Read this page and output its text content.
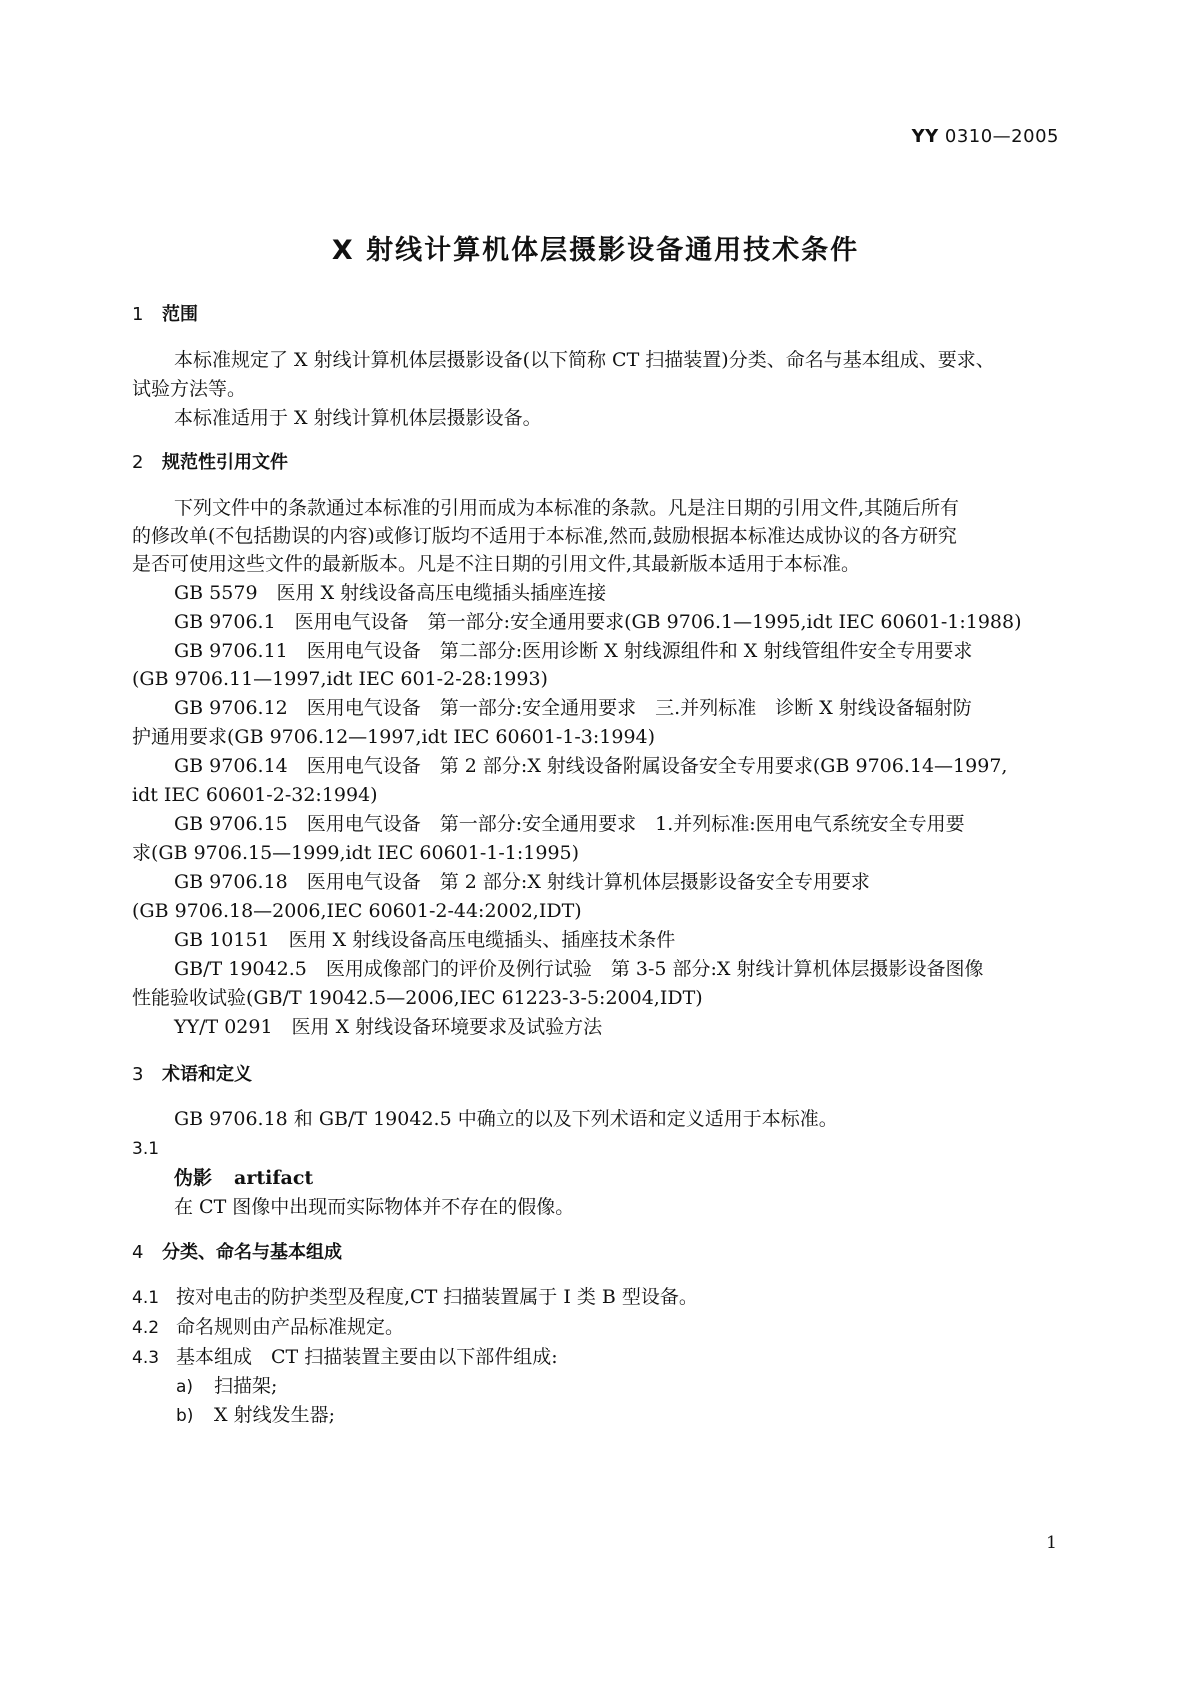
YY 0310—2005
X 射线计算机体层摄影设备通用技术条件
1 范围
本标准规定了 X 射线计算机体层摄影设备(以下简称 CT 扫描装置)分类、命名与基本组成、要求、
试验方法等。
本标准适用于 X 射线计算机体层摄影设备。
2 规范性引用文件
下列文件中的条款通过本标准的引用而成为本标准的条款。凡是注日期的引用文件,其随后所有
的修改单(不包括勘误的内容)或修订版均不适用于本标准,然而,鼓励根据本标准达成协议的各方研究
是否可使用这些文件的最新版本。凡是不注日期的引用文件,其最新版本适用于本标准。
GB 5579　医用 X 射线设备高压电缆插头插座连接
GB 9706.1　医用电气设备　第一部分:安全通用要求(GB 9706.1—1995,idt IEC 60601-1:1988)
GB 9706.11　医用电气设备　第二部分:医用诊断 X 射线源组件和 X 射线管组件安全专用要求
(GB 9706.11—1997,idt IEC 601-2-28:1993)
GB 9706.12　医用电气设备　第一部分:安全通用要求　三.并列标准　诊断 X 射线设备辐射防
护通用要求(GB 9706.12—1997,idt IEC 60601-1-3:1994)
GB 9706.14　医用电气设备　第 2 部分:X 射线设备附属设备安全专用要求(GB 9706.14—1997,
idt IEC 60601-2-32:1994)
GB 9706.15　医用电气设备　第一部分:安全通用要求　1.并列标准:医用电气系统安全专用要
求(GB 9706.15—1999,idt IEC 60601-1-1:1995)
GB 9706.18　医用电气设备　第 2 部分:X 射线计算机体层摄影设备安全专用要求
(GB 9706.18—2006,IEC 60601-2-44:2002,IDT)
GB 10151　医用 X 射线设备高压电缆插头、插座技术条件
GB/T 19042.5　医用成像部门的评价及例行试验　第 3-5 部分:X 射线计算机体层摄影设备图像
性能验收试验(GB/T 19042.5—2006,IEC 61223-3-5:2004,IDT)
YY/T 0291　医用 X 射线设备环境要求及试验方法
3 术语和定义
GB 9706.18 和 GB/T 19042.5 中确立的以及下列术语和定义适用于本标准。
3.1
伪影 artifact
在 CT 图像中出现而实际物体并不存在的假像。
4 分类、命名与基本组成
4.1 按对电击的防护类型及程度,CT 扫描装置属于 I 类 B 型设备。
4.2 命名规则由产品标准规定。
4.3 基本组成　CT 扫描装置主要由以下部件组成:
a) 扫描架;
b) X 射线发生器;
1
